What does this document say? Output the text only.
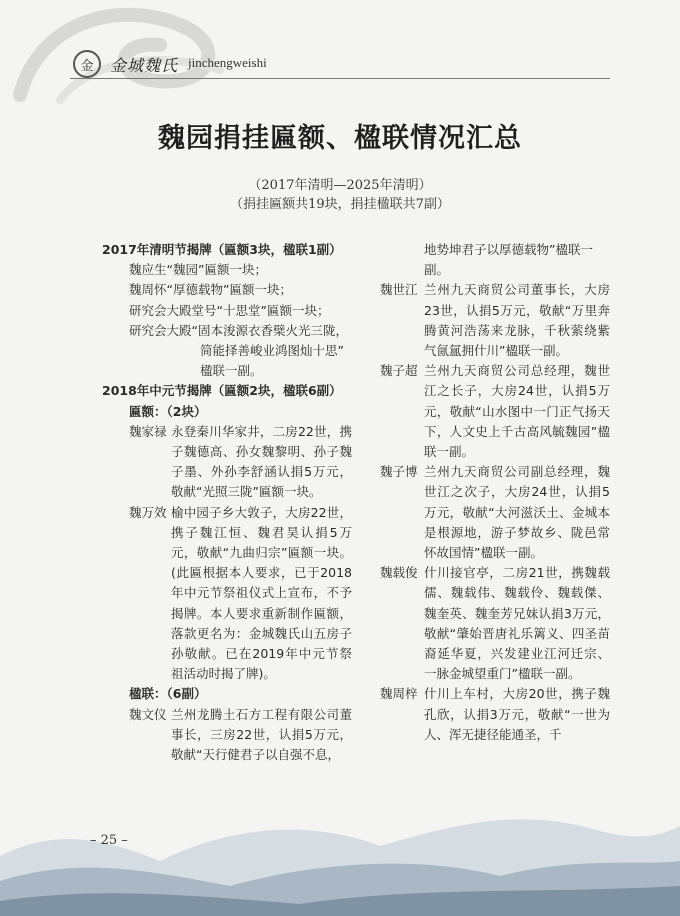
金	金城魏氏 jinchengweishi
魏园捐挂匾额、楹联情况汇总
（2017年清明—2025年清明）
（捐挂匾额共19块，捐挂楹联共7副）
2017年清明节揭牌（匾额3块，楹联1副）
魏应生“魏园”匾额一块；
魏周怀“厚德载物”匾额一块；
研究会大殿堂号“十思堂”匾额一块；
研究会大殿“固本浚源衣香檗火光三陇，
简能择善峻业鸿图灿十思”
楹联一副。
2018年中元节揭牌（匾额2块，楹联6副）
匾额：（2块）
魏家禄 永登秦川华家井，二房22世，携子魏德高、孙女魏黎明、孙子魏子墨、外孙李舒涵认捐5万元，敬献“光照三陇”匾额一块。
魏万效 榆中园子乡大敦子，大房22世，携子魏江恒、魏君昊认捐5万元，敬献“九曲归宗”匾额一块。(此匾根据本人要求，已于2018年中元节祭祖仪式上宣布，不予揭牌。本人要求重新制作匾额，落款更名为：金城魏氏山五房子孙敬献。已在2019年中元节祭祖活动时揭了牌)。
楹联：（6副）
魏文仪 兰州龙腾土石方工程有限公司董事长，三房22世，认捐5万元，敬献“天行健君子以自强不息，
地势坤君子以厚德载物”楹联一副。
魏世江 兰州九天商贸公司董事长，大房23世，认捐5万元，敬献“万里奔腾黄河浩荡来龙脉，千秋萦绕紫气氤氲拥什川”楹联一副。
魏子超 兰州九天商贸公司总经理，魏世江之长子，大房24世，认捐5万元，敬献“山水图中一门正气扬天下，人文史上千古高风毓魏园”楹联一副。
魏子博 兰州九天商贸公司副总经理，魏世江之次子，大房24世，认捐5万元，敬献“大河滋沃土、金城本是根源地，游子梦故乡、陇邑常怀故国情”楹联一副。
魏载俊 什川接官亭，二房21世，携魏载儒、魏载伟、魏载伶、魏载傑、魏奎英、魏奎芳兄妹认捐3万元，敬献“肇始晋唐礼乐篱义、四圣苗裔延华夏，兴发建业江河迁宗、一脉金城望重门”楹联一副。
魏周梓 什川上车村，大房20世，携子魏孔欣，认捐3万元，敬献“一世为人、浑无捷径能通圣，千
– 25 –
